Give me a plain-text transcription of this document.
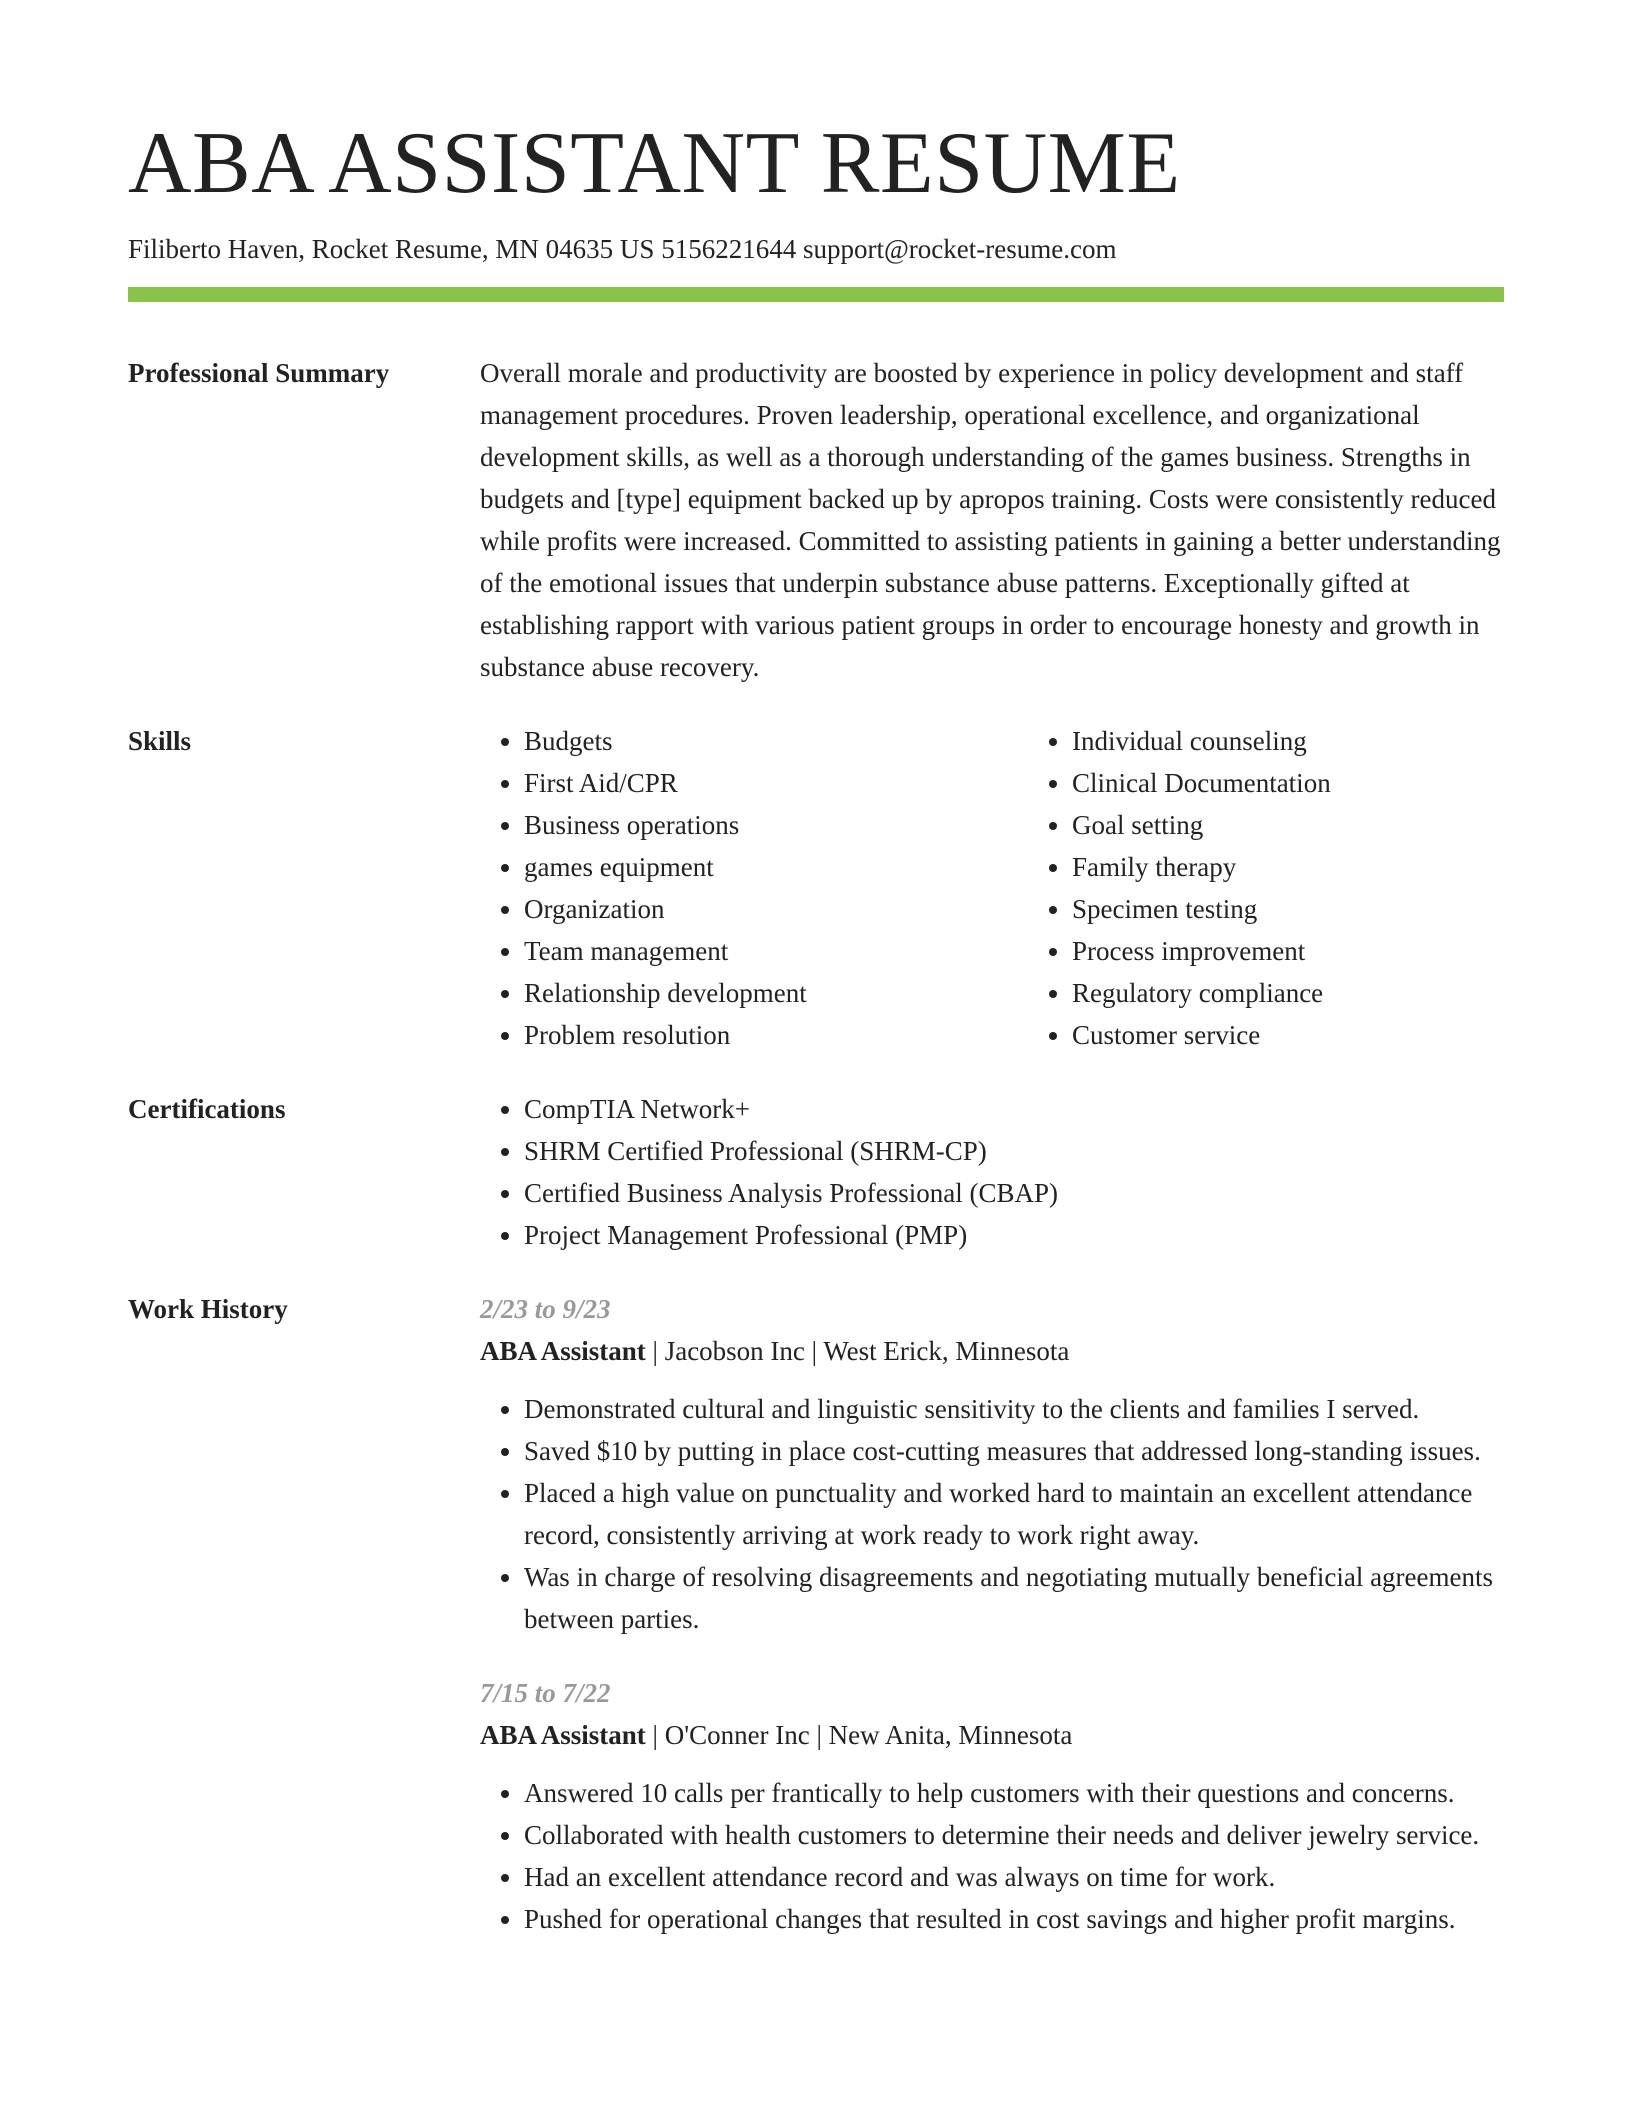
ABA ASSISTANT RESUME
Filiberto Haven, Rocket Resume, MN 04635 US 5156221644 support@rocket-resume.com
Professional Summary	Overall morale and productivity are boosted by experience in policy development and staff management procedures. Proven leadership, operational excellence, and organizational development skills, as well as a thorough understanding of the games business. Strengths in budgets and [type] equipment backed up by apropos training. Costs were consistently reduced while profits were increased. Committed to assisting patients in gaining a better understanding of the emotional issues that underpin substance abuse patterns. Exceptionally gifted at establishing rapport with various patient groups in order to encourage honesty and growth in substance abuse recovery.
Skills	• Budgets
• First Aid/CPR
• Business operations
• games equipment
• Organization
• Team management
• Relationship development
• Problem resolution
• Individual counseling
• Clinical Documentation
• Goal setting
• Family therapy
• Specimen testing
• Process improvement
• Regulatory compliance
• Customer service
Certifications	• CompTIA Network+
• SHRM Certified Professional (SHRM-CP)
• Certified Business Analysis Professional (CBAP)
• Project Management Professional (PMP)
Work History	2/23 to 9/23
ABA Assistant | Jacobson Inc | West Erick, Minnesota
• Demonstrated cultural and linguistic sensitivity to the clients and families I served.
• Saved $10 by putting in place cost-cutting measures that addressed long-standing issues.
• Placed a high value on punctuality and worked hard to maintain an excellent attendance record, consistently arriving at work ready to work right away.
• Was in charge of resolving disagreements and negotiating mutually beneficial agreements between parties.
7/15 to 7/22
ABA Assistant | O'Conner Inc | New Anita, Minnesota
• Answered 10 calls per frantically to help customers with their questions and concerns.
• Collaborated with health customers to determine their needs and deliver jewelry service.
• Had an excellent attendance record and was always on time for work.
• Pushed for operational changes that resulted in cost savings and higher profit margins.
